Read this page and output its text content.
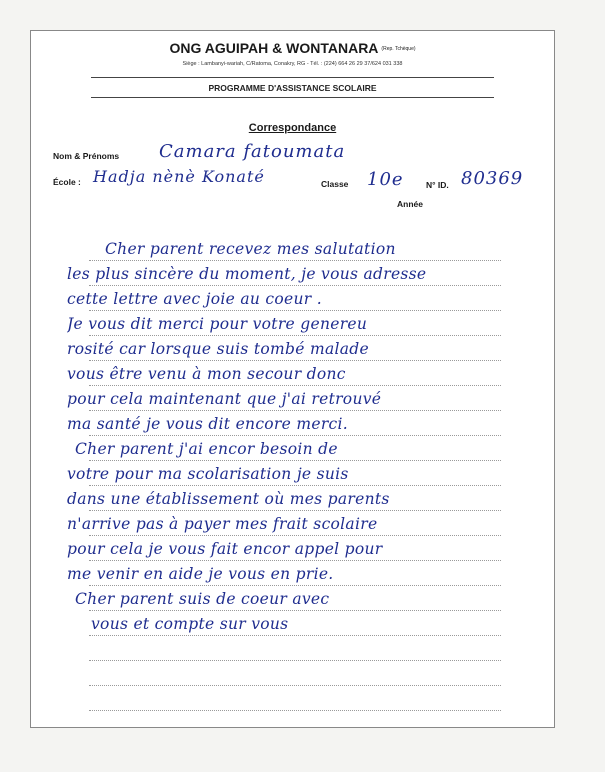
ONG AGUIPAH & WONTANARA (Rep. Tchèque)
Siège : Lambanyi-wariah, C/Ratoma, Conakry, RG - Tél. : (224) 664 26 29 37/624 031 338
PROGRAMME D'ASSISTANCE SCOLAIRE
Correspondance
Nom & Prénoms Camara fatoumata
École : Hadja nènè Konaté	Classe 10e	N° ID. 80369
Année
Cher parent recevez mes salutation
les plus sincère du moment, je vous adresse
cette lettre avec joie au coeur .
Je vous dit merci pour votre genereu
rosité car lorsque suis tombé malade
vous être venu à mon secour donc
pour cela maintenant que j'ai retrouvé
ma santé je vous dit encore merci.
Cher parent j'ai encor besoin de
votre pour ma scolarisation je suis
dans une établissement où mes parents
n'arrive pas à payer mes frait scolaire
pour cela je vous fait encor appel pour
me venir en aide je vous en prie.
Cher parent suis de coeur avec
vous et compte sur vous
